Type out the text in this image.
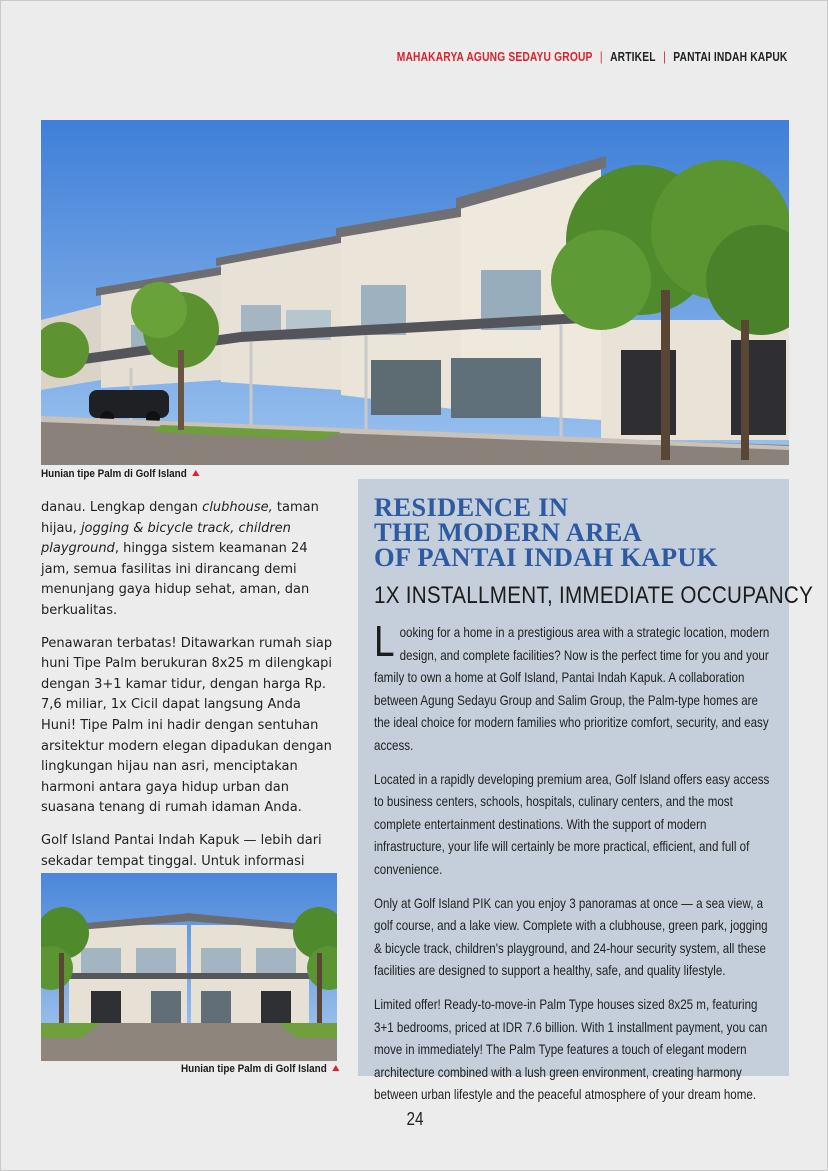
MAHAKARYA AGUNG SEDAYU GROUP | ARTIKEL | PANTAI INDAH KAPUK
Hunian tipe Palm di Golf Island

danau. Lengkap dengan clubhouse, taman hijau, jogging & bicycle track, children playground, hingga sistem keamanan 24 jam, semua fasilitas ini dirancang demi menunjang gaya hidup sehat, aman, dan berkualitas.

Penawaran terbatas! Ditawarkan rumah siap huni Tipe Palm berukuran 8x25 m dilengkapi dengan 3+1 kamar tidur, dengan harga Rp. 7,6 miliar, 1x Cicil dapat langsung Anda Huni! Tipe Palm ini hadir dengan sentuhan arsitektur modern elegan dipadukan dengan lingkungan hijau nan asri, menciptakan harmoni antara gaya hidup urban dan suasana tenang di rumah idaman Anda.

Golf Island Pantai Indah Kapuk — lebih dari sekadar tempat tinggal. Untuk informasi

Hunian tipe Palm di Golf Island
RESIDENCE IN
THE MODERN AREA
OF PANTAI INDAH KAPUK
1X INSTALLMENT, IMMEDIATE OCCUPANCY

Looking for a home in a prestigious area with a strategic location, modern design, and complete facilities? Now is the perfect time for you and your family to own a home at Golf Island, Pantai Indah Kapuk. A collaboration between Agung Sedayu Group and Salim Group, the Palm-type homes are the ideal choice for modern families who prioritize comfort, security, and easy access.

Located in a rapidly developing premium area, Golf Island offers easy access to business centers, schools, hospitals, culinary centers, and the most complete entertainment destinations. With the support of modern infrastructure, your life will certainly be more practical, efficient, and full of convenience.

Only at Golf Island PIK can you enjoy 3 panoramas at once — a sea view, a golf course, and a lake view. Complete with a clubhouse, green park, jogging & bicycle track, children's playground, and 24-hour security system, all these facilities are designed to support a healthy, safe, and quality lifestyle.

Limited offer! Ready-to-move-in Palm Type houses sized 8x25 m, featuring 3+1 bedrooms, priced at IDR 7.6 billion. With 1 installment payment, you can move in immediately! The Palm Type features a touch of elegant modern architecture combined with a lush green environment, creating harmony between urban lifestyle and the peaceful atmosphere of your dream home.

24
